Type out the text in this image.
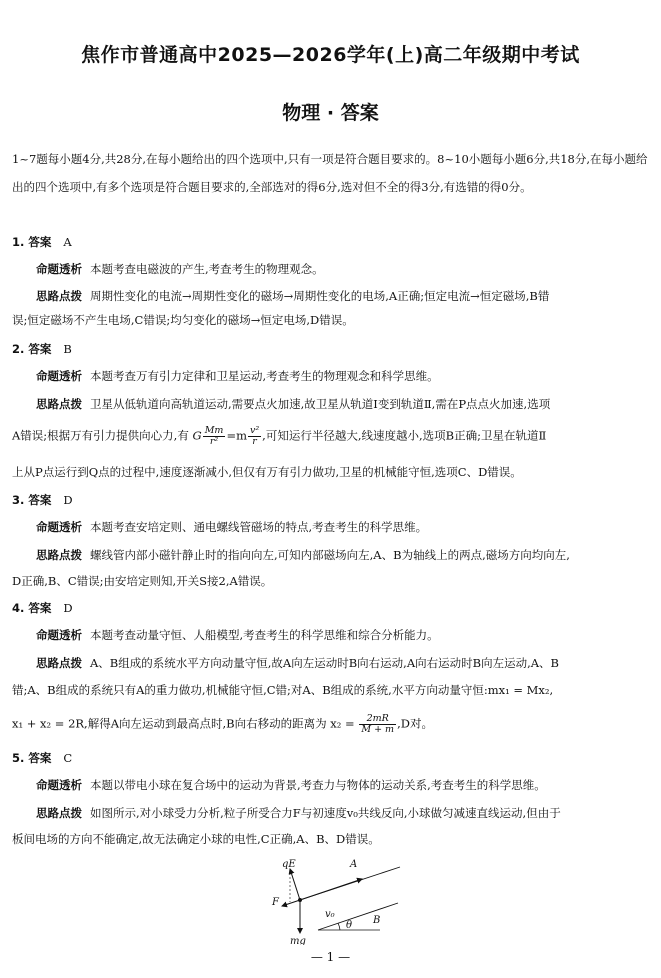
焦作市普通高中2025—2026学年(上)高二年级期中考试
物理 · 答案
1~7题每小题4分,共28分,在每小题给出的四个选项中,只有一项是符合题目要求的。8~10小题每小题6分,共18分,在每小题给出的四个选项中,有多个选项是符合题目要求的,全部选对的得6分,选对但不全的得3分,有选错的得0分。
1. 答案 A
命题透析 本题考查电磁波的产生,考查考生的物理观念。
思路点拨 周期性变化的电流→周期性变化的磁场→周期性变化的电场,A正确;恒定电流→恒定磁场,B错
误;恒定磁场不产生电场,C错误;均匀变化的磁场→恒定电场,D错误。
2. 答案 B
命题透析 本题考查万有引力定律和卫星运动,考查考生的物理观念和科学思维。
思路点拨 卫星从低轨道向高轨道运动,需要点火加速,故卫星从轨道Ⅰ变到轨道Ⅱ,需在P点点火加速,选项
A错误;根据万有引力提供向心力,有 G $\frac{Mm}{\text{r²}} =m \frac{\text{v²}}{r}$ ,可知运行半径越大,线速度越小,选项B正确;卫星在轨道Ⅱ
上从P点运行到Q点的过程中,速度逐渐减小,但仅有万有引力做功,卫星的机械能守恒,选项C、D错误。
3. 答案 D
命题透析 本题考查安培定则、通电螺线管磁场的特点,考查考生的科学思维。
思路点拨 螺线管内部小磁针静止时的指向向左,可知内部磁场向左,A、B为轴线上的两点,磁场方向均向左,
D正确,B、C错误;由安培定则知,开关S接2,A错误。
4. 答案 D
命题透析 本题考查动量守恒、人船模型,考查考生的科学思维和综合分析能力。
思路点拨 A、B组成的系统水平方向动量守恒,故A向左运动时B向右运动,A向右运动时B向左运动,A、B
错;A、B组成的系统只有A的重力做功,机械能守恒,C错;对A、B组成的系统,水平方向动量守恒:mx₁ = Mx₂,
x₁ + x₂ = 2R,解得A向左运动到最高点时,B向右移动的距离为 $x_2 = \frac{2mR}{M + m} ,D$对。
5. 答案 C
命题透析 本题以带电小球在复合场中的运动为背景,考查力与物体的运动关系,考查考生的科学思维。
思路点拨 如图所示,对小球受力分析,粒子所受合力F与初速度v₀共线反向,小球做匀减速直线运动,但由于
板间电场的方向不能确定,故无法确定小球的电性,C正确,A、B、D错误。
qE	A
F
v₀
θ B
mg
— 1 —
